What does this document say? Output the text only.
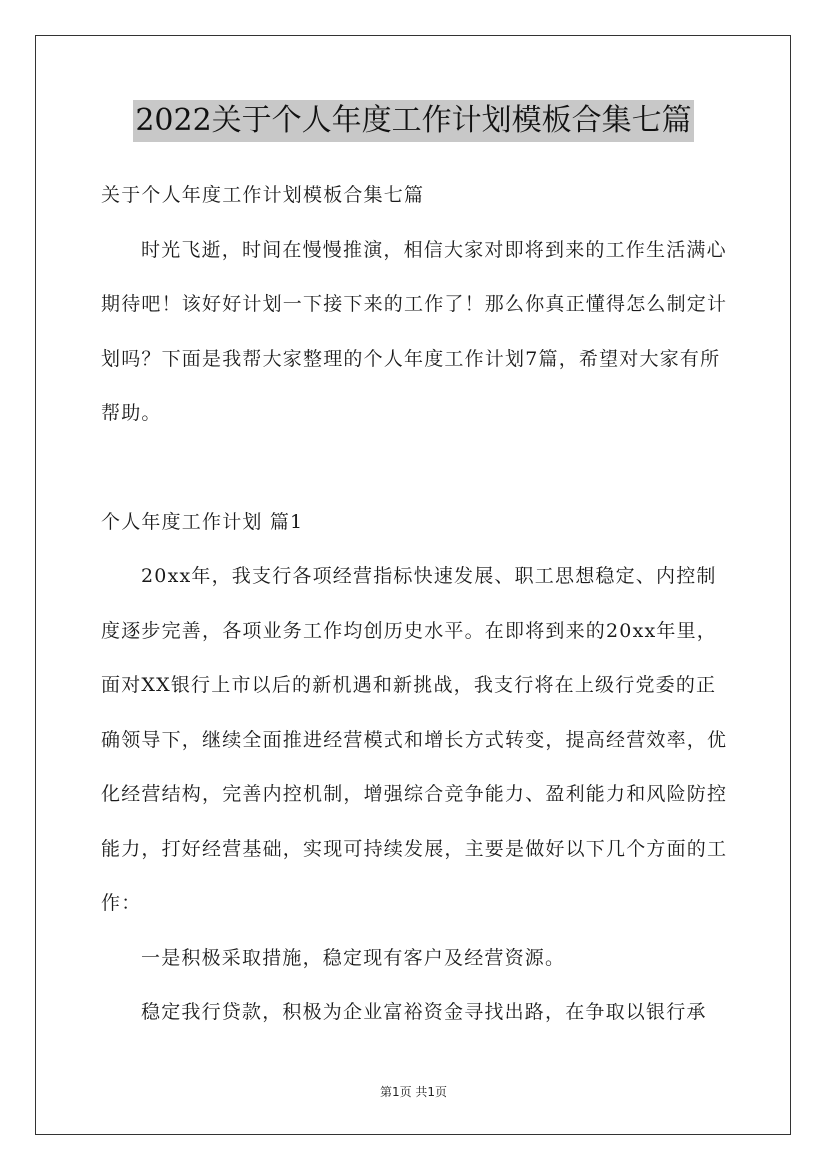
2022关于个人年度工作计划模板合集七篇

关于个人年度工作计划模板合集七篇

时光飞逝，时间在慢慢推演，相信大家对即将到来的工作生活满心期待吧！该好好计划一下接下来的工作了！那么你真正懂得怎么制定计划吗？下面是我帮大家整理的个人年度工作计划7篇，希望对大家有所帮助。

个人年度工作计划 篇1

20xx年，我支行各项经营指标快速发展、职工思想稳定、内控制度逐步完善，各项业务工作均创历史水平。在即将到来的20xx年里，面对XX银行上市以后的新机遇和新挑战，我支行将在上级行党委的正确领导下，继续全面推进经营模式和增长方式转变，提高经营效率，优化经营结构，完善内控机制，增强综合竞争能力、盈利能力和风险防控能力，打好经营基础，实现可持续发展，主要是做好以下几个方面的工作：

一是积极采取措施，稳定现有客户及经营资源。

稳定我行贷款，积极为企业富裕资金寻找出路，在争取以银行承

第1页 共1页
